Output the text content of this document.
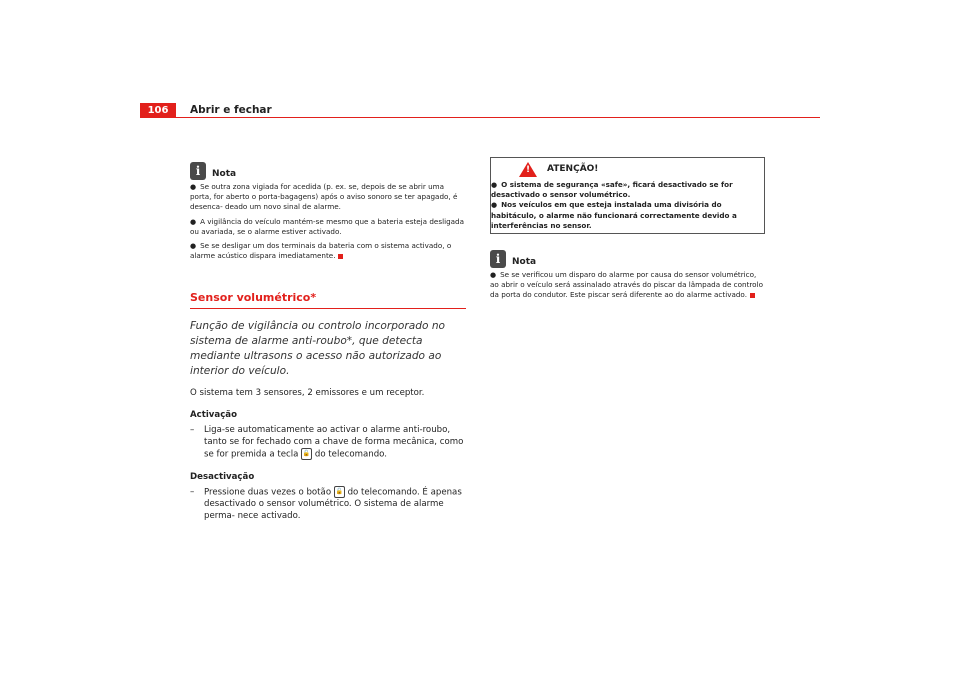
106	Abrir e fechar
i	Nota

● Se outra zona vigiada for acedida (p. ex. se, depois de se abrir uma porta, for aberto o porta-bagagens) após o aviso sonoro se ter apagado, é desenca- deado um novo sinal de alarme.

● A vigilância do veículo mantém-se mesmo que a bateria esteja desligada ou avariada, se o alarme estiver activado.

● Se se desligar um dos terminais da bateria com o sistema activado, o alarme acústico dispara imediatamente.

Sensor volumétrico*

Função de vigilância ou controlo incorporado no sistema de alarme anti-roubo*, que detecta mediante ultrasons o acesso não autorizado ao interior do veículo.

O sistema tem 3 sensores, 2 emissores e um receptor.

Activação

–	Liga-se automaticamente ao activar o alarme anti-roubo, tanto se for fechado com a chave de forma mecânica, como se for premida a tecla 🔓 do telecomando.

Desactivação

–	Pressione duas vezes o botão 🔓 do telecomando. É apenas desactivado o sensor volumétrico. O sistema de alarme perma- nece activado.
! ATENÇÃO!

● O sistema de segurança «safe», ficará desactivado se for desactivado o sensor volumétrico.

● Nos veículos em que esteja instalada uma divisória do habitáculo, o alarme não funcionará correctamente devido a interferências no sensor.

i	Nota

● Se se verificou um disparo do alarme por causa do sensor volumétrico, ao abrir o veículo será assinalado através do piscar da lâmpada de controlo da porta do condutor. Este piscar será diferente ao do alarme activado.
